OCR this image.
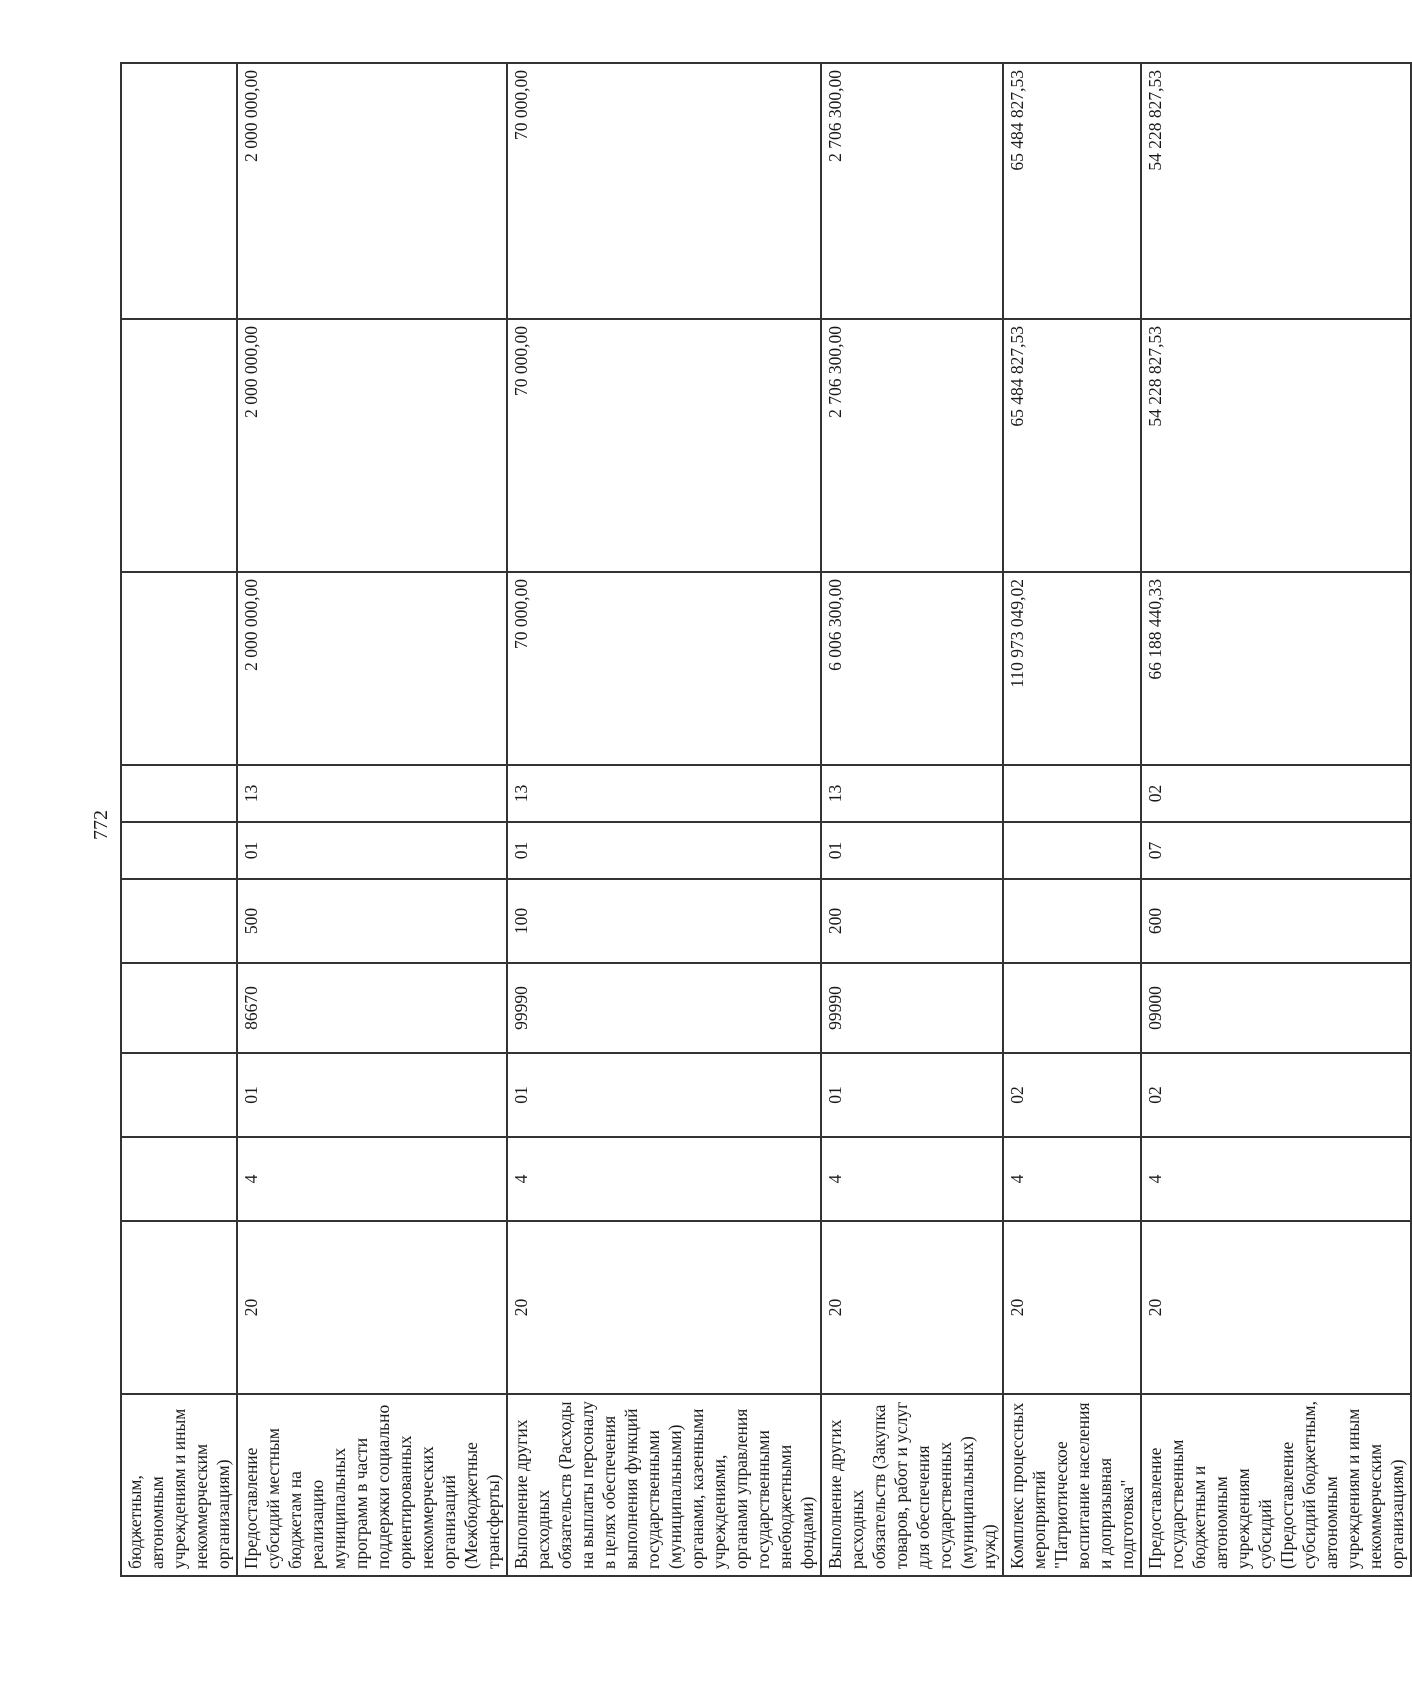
772
бюджетным, автономным учреждениям и иным некоммерческим организациям)										
Предоставление субсидий местным бюджетам на реализацию муниципальных программ в части поддержки социально ориентированных некоммерческих организаций (Межбюджетные трансферты)	20	4	01	86670	500	01	13	2 000 000,00	2 000 000,00	2 000 000,00
Выполнение других расходных обязательств (Расходы на выплаты персоналу в целях обеспечения выполнения функций государственными (муниципальными) органами, казенными учреждениями, органами управления государственными внебюджетными фондами)	20	4	01	99990	100	01	13	70 000,00	70 000,00	70 000,00
Выполнение других расходных обязательств (Закупка товаров, работ и услуг для обеспечения государственных (муниципальных) нужд)	20	4	01	99990	200	01	13	6 006 300,00	2 706 300,00	2 706 300,00
Комплекс процессных мероприятий "Патриотическое воспитание населения и допризывная подготовка"	20	4	02					110 973 049,02	65 484 827,53	65 484 827,53
Предоставление государственным бюджетным и автономным учреждениям субсидий (Предоставление субсидий бюджетным, автономным учреждениям и иным некоммерческим организациям)	20	4	02	09000	600	07	02	66 188 440,33	54 228 827,53	54 228 827,53
